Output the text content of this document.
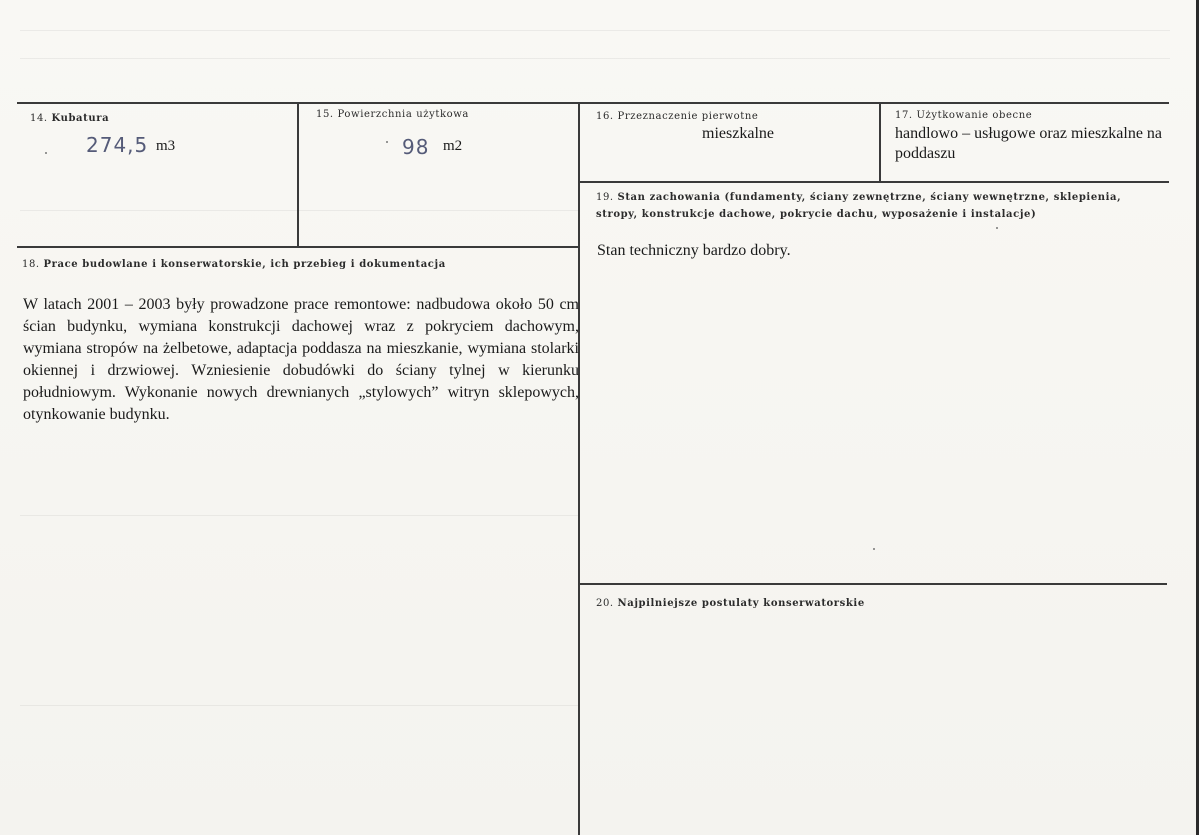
14. Kubatura
274,5 m3
15. Powierzchnia użytkowa
98 m2
16. Przeznaczenie pierwotne
mieszkalne
17. Użytkowanie obecne
handlowo – usługowe oraz mieszkalne na poddaszu
18. Prace budowlane i konserwatorskie, ich przebieg i dokumentacja
W latach 2001 – 2003 były prowadzone prace remontowe: nadbudowa około 50 cm ścian budynku, wymiana konstrukcji dachowej wraz z pokryciem dachowym, wymiana stropów na żelbetowe, adaptacja poddasza na mieszkanie, wymiana stolarki okiennej i drzwiowej. Wzniesienie dobudówki do ściany tylnej w kierunku południowym. Wykonanie nowych drewnianych „stylowych” witryn sklepowych, otynkowanie budynku.
19. Stan zachowania (fundamenty, ściany zewnętrzne, ściany wewnętrzne, sklepienia, stropy, konstrukcje dachowe, pokrycie dachu, wyposażenie i instalacje)
Stan techniczny bardzo dobry.
20. Najpilniejsze postulaty konserwatorskie
